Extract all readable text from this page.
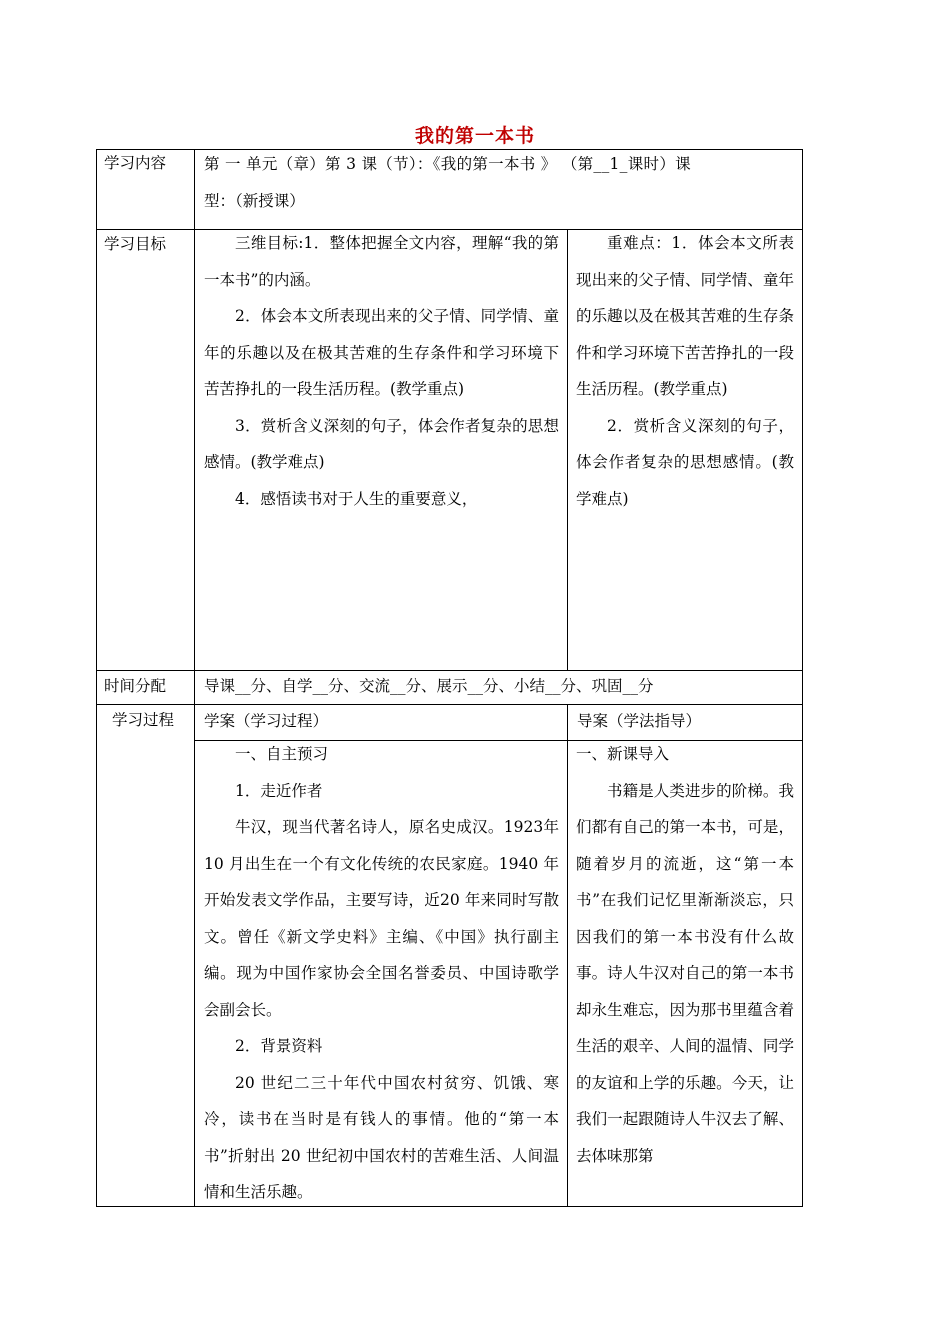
我的第一本书
学习内容
学习目标
时间分配
学习过程
第 一 单元（章）第 3 课（节）：《我的第一本书 》 （第__1_课时）课
型：（新授课）

三维目标:1．整体把握全文内容，理解“我的第一本书”的内涵。

2．体会本文所表现出来的父子情、同学情、童年的乐趣以及在极其苦难的生存条件和学习环境下苦苦挣扎的一段生活历程。(教学重点)

3．赏析含义深刻的句子，体会作者复杂的思想感情。(教学难点)

4．感悟读书对于人生的重要意义，

重难点：1．体会本文所表现出来的父子情、同学情、童年的乐趣以及在极其苦难的生存条件和学习环境下苦苦挣扎的一段生活历程。(教学重点)

2．赏析含义深刻的句子，体会作者复杂的思想感情。(教学难点)

导课__分、自学__分、交流__分、展示__分、小结__分、巩固__分
学案（学习过程）	导案（学法指导）

一、自主预习

1．走近作者

牛汉，现当代著名诗人，原名史成汉。1923年 10 月出生在一个有文化传统的农民家庭。1940 年开始发表文学作品，主要写诗，近20 年来同时写散文。曾任《新文学史料》主编、《中国》执行副主编。现为中国作家协会全国名誉委员、中国诗歌学会副会长。

2．背景资料

20 世纪二三十年代中国农村贫穷、饥饿、寒冷，读书在当时是有钱人的事情。他的“第一本书”折射出 20 世纪初中国农村的苦难生活、人间温情和生活乐趣。

一、新课导入

书籍是人类进步的阶梯。我们都有自己的第一本书，可是，随着岁月的流逝，这“第一本书”在我们记忆里渐渐淡忘，只因我们的第一本书没有什么故事。诗人牛汉对自己的第一本书却永生难忘，因为那书里蕴含着生活的艰辛、人间的温情、同学的友谊和上学的乐趣。今天，让我们一起跟随诗人牛汉去了解、去体味那第
